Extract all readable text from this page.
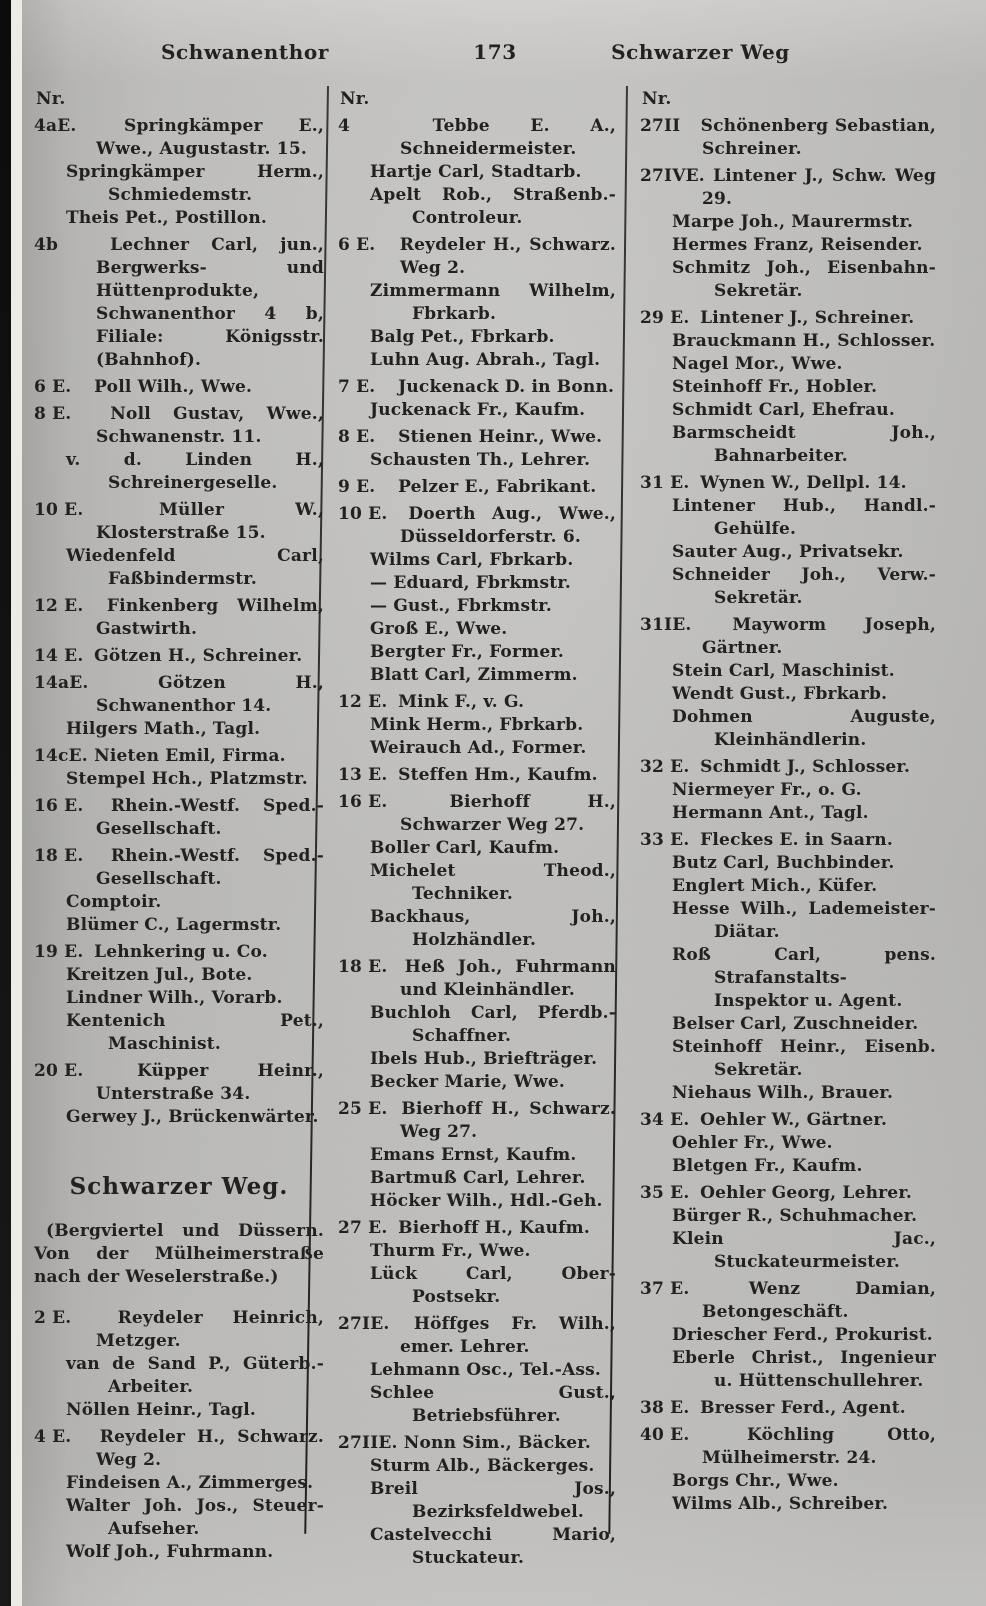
Schwanenthor	173	Schwarzer Weg
Nr.
4aE.	Springkämper E., Wwe., Augustastr. 15.
Springkämper Herm., Schmiedemstr.
Theis Pet., Postillon.
4b	Lechner Carl, jun., Bergwerks- und Hüttenprodukte, Schwanenthor 4 b, Filiale: Königsstr. (Bahnhof).
6 E. Poll Wilh., Wwe.
8 E. Noll Gustav, Wwe., Schwanenstr. 11.
v. d. Linden H., Schreinergeselle.
10 E.	Müller W., Klosterstraße 15.
Wiedenfeld Carl, Faßbindermstr.
12 E. Finkenberg Wilhelm, Gastwirth.
14 E. Götzen H., Schreiner.
14aE.	Götzen H., Schwanenthor 14.
Hilgers Math., Tagl.
14cE. Nieten Emil, Firma.
Stempel Hch., Platzmstr.
16 E. Rhein.-Westf. Sped.-Gesellschaft.
18 E. Rhein.-Westf. Sped.-Gesellschaft.
Comptoir.
Blümer C., Lagermstr.
19 E. Lehnkering u. Co.
Kreitzen Jul., Bote.
Lindner Wilh., Vorarb.
Kentenich Pet., Maschinist.
20 E.	Küpper Heinr., Unterstraße 34.
Gerwey J., Brückenwärter.
Schwarzer Weg.
(Bergviertel und Düssern. Von der Mülheimerstraße nach der Weselerstraße.)
2 E.	Reydeler Heinrich, Metzger.
van de Sand P., Güterb.-Arbeiter.
Nöllen Heinr., Tagl.
4 E. Reydeler H., Schwarz. Weg 2.
Findeisen A., Zimmerges.
Walter Joh. Jos., Steuer-Aufseher.
Wolf Joh., Fuhrmann.
Nr.
4	Tebbe E. A., Schneidermeister.
Hartje Carl, Stadtarb.
Apelt Rob., Straßenb.-Controleur.
6 E. Reydeler H., Schwarz. Weg 2.
Zimmermann Wilhelm, Fbrkarb.
Balg Pet., Fbrkarb.
Luhn Aug. Abrah., Tagl.
7 E. Juckenack D. in Bonn.
Juckenack Fr., Kaufm.
8 E. Stienen Heinr., Wwe.
Schausten Th., Lehrer.
9 E. Pelzer E., Fabrikant.
10 E. Doerth Aug., Wwe., Düsseldorferstr. 6.
Wilms Carl, Fbrkarb.
— Eduard, Fbrkmstr.
— Gust., Fbrkmstr.
Groß E., Wwe.
Bergter Fr., Former.
Blatt Carl, Zimmerm.
12 E. Mink F., v. G.
Mink Herm., Fbrkarb.
Weirauch Ad., Former.
13 E. Steffen Hm., Kaufm.
16 E.	Bierhoff H., Schwarzer Weg 27.
Boller Carl, Kaufm.
Michelet Theod., Techniker.
Backhaus, Joh., Holzhändler.
18 E. Heß Joh., Fuhrmann und Kleinhändler.
Buchloh Carl, Pferdb.-Schaffner.
Ibels Hub., Briefträger.
Becker Marie, Wwe.
25 E. Bierhoff H., Schwarz. Weg 27.
Emans Ernst, Kaufm.
Bartmuß Carl, Lehrer.
Höcker Wilh., Hdl.-Geh.
27 E. Bierhoff H., Kaufm.
Thurm Fr., Wwe.
Lück Carl, Ober-Postsekr.
27IE. Höffges Fr. Wilh., emer. Lehrer.
Lehmann Osc., Tel.-Ass.
Schlee Gust., Betriebsführer.
27IIE. Nonn Sim., Bäcker.
Sturm Alb., Bäckerges.
Breil Jos., Bezirksfeldwebel.
Castelvecchi Mario, Stuckateur.
Nr.
27II Schönenberg Sebastian, Schreiner.
27IVE. Lintener J., Schw. Weg 29.
Marpe Joh., Maurermstr.
Hermes Franz, Reisender.
Schmitz Joh., Eisenbahn-Sekretär.
29 E. Lintener J., Schreiner.
Brauckmann H., Schlosser.
Nagel Mor., Wwe.
Steinhoff Fr., Hobler.
Schmidt Carl, Ehefrau.
Barmscheidt Joh., Bahnarbeiter.
31 E. Wynen W., Dellpl. 14.
Lintener Hub., Handl.-Gehülfe.
Sauter Aug., Privatsekr.
Schneider Joh., Verw.-Sekretär.
31IE. Mayworm Joseph, Gärtner.
Stein Carl, Maschinist.
Wendt Gust., Fbrkarb.
Dohmen Auguste, Kleinhändlerin.
32 E. Schmidt J., Schlosser.
Niermeyer Fr., o. G.
Hermann Ant., Tagl.
33 E. Fleckes E. in Saarn.
Butz Carl, Buchbinder.
Englert Mich., Küfer.
Hesse Wilh., Lademeister-Diätar.
Roß Carl, pens. Strafanstalts-Inspektor u. Agent.
Belser Carl, Zuschneider.
Steinhoff Heinr., Eisenb. Sekretär.
Niehaus Wilh., Brauer.
34 E. Oehler W., Gärtner.
Oehler Fr., Wwe.
Bletgen Fr., Kaufm.
35 E. Oehler Georg, Lehrer.
Bürger R., Schuhmacher.
Klein Jac., Stuckateurmeister.
37 E.	Wenz Damian, Betongeschäft.
Driescher Ferd., Prokurist.
Eberle Christ., Ingenieur u. Hüttenschullehrer.
38 E. Bresser Ferd., Agent.
40 E.	Köchling Otto, Mülheimerstr. 24.
Borgs Chr., Wwe.
Wilms Alb., Schreiber.
